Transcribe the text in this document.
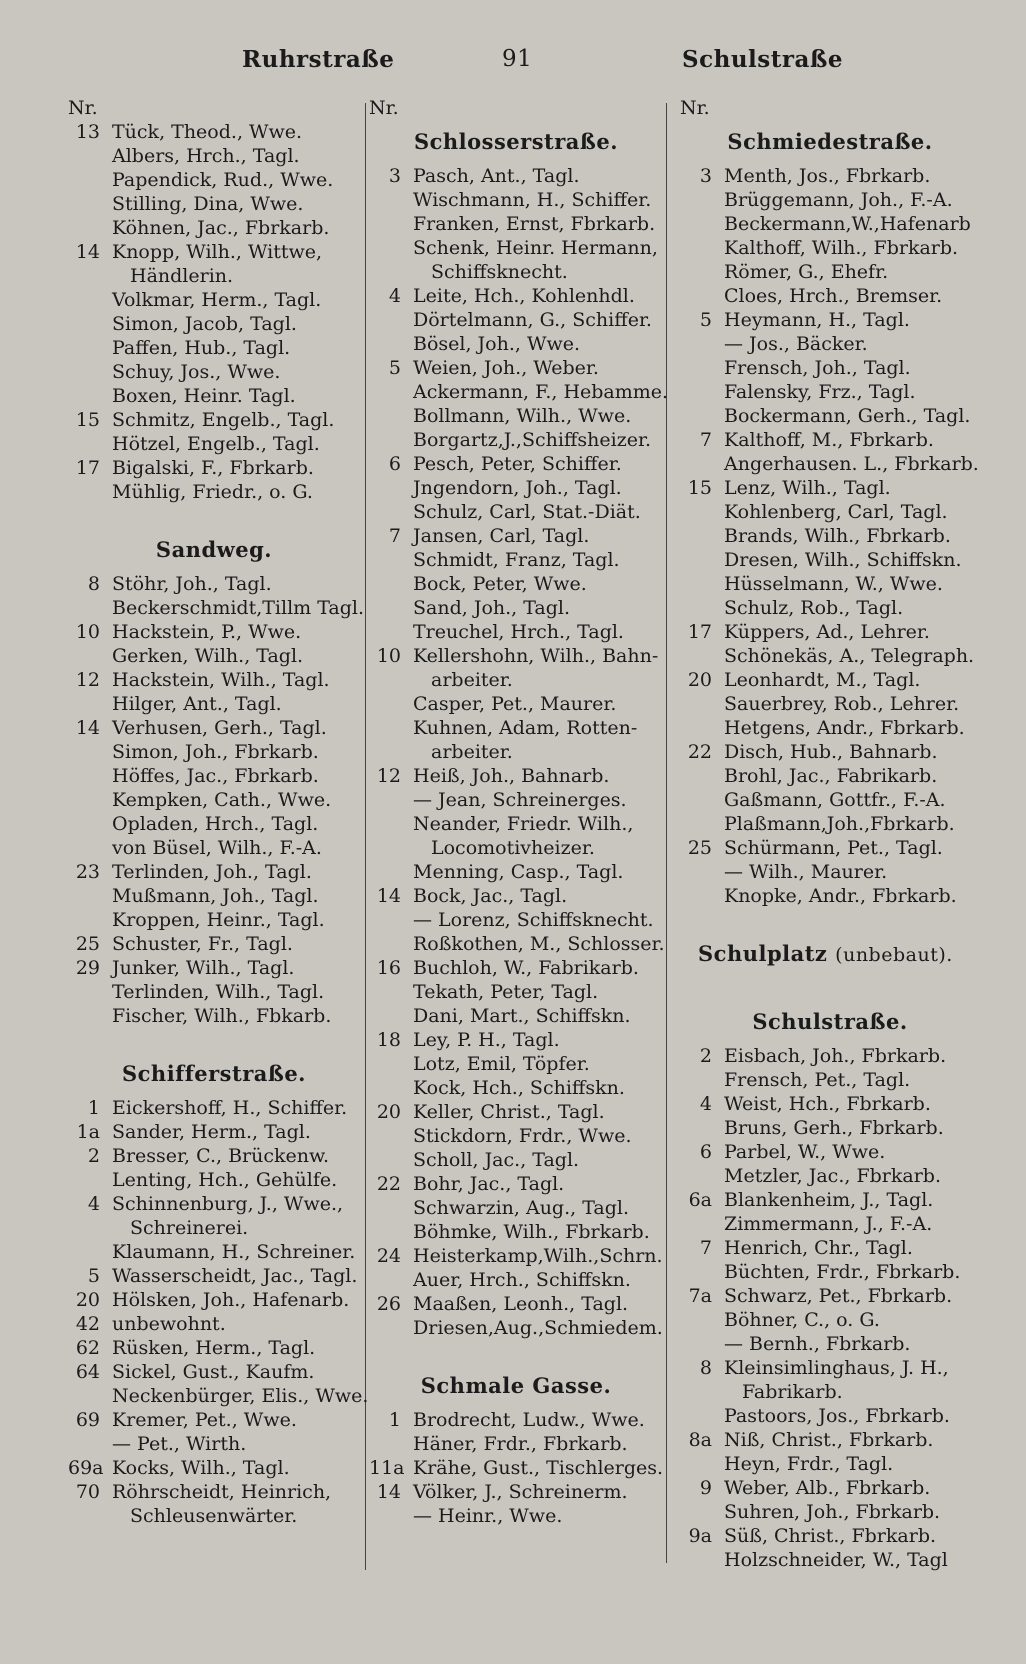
Ruhrstraße	91	Schulstraße
Nr.
13 Tück, Theod., Wwe.
Albers, Hrch., Tagl.
Papendick, Rud., Wwe.
Stilling, Dina, Wwe.
Köhnen, Jac., Fbrkarb.
14 Knopp, Wilh., Wittwe,
Händlerin.
Volkmar, Herm., Tagl.
Simon, Jacob, Tagl.
Paffen, Hub., Tagl.
Schuy, Jos., Wwe.
Boxen, Heinr. Tagl.
15 Schmitz, Engelb., Tagl.
Hötzel, Engelb., Tagl.
17 Bigalski, F., Fbrkarb.
Mühlig, Friedr., o. G.
Sandweg.
8 Stöhr, Joh., Tagl.
Beckerschmidt,Tillm Tagl.
10 Hackstein, P., Wwe.
Gerken, Wilh., Tagl.
12 Hackstein, Wilh., Tagl.
Hilger, Ant., Tagl.
14 Verhusen, Gerh., Tagl.
Simon, Joh., Fbrkarb.
Höffes, Jac., Fbrkarb.
Kempken, Cath., Wwe.
Opladen, Hrch., Tagl.
von Büsel, Wilh., F.-A.
23 Terlinden, Joh., Tagl.
Mußmann, Joh., Tagl.
Kroppen, Heinr., Tagl.
25 Schuster, Fr., Tagl.
29 Junker, Wilh., Tagl.
Terlinden, Wilh., Tagl.
Fischer, Wilh., Fbkarb.
Schifferstraße.
1 Eickershoff, H., Schiffer.
1a Sander, Herm., Tagl.
2 Bresser, C., Brückenw.
Lenting, Hch., Gehülfe.
4 Schinnenburg, J., Wwe.,
Schreinerei.
Klaumann, H., Schreiner.
5 Wasserscheidt, Jac., Tagl.
20 Hölsken, Joh., Hafenarb.
42 unbewohnt.
62 Rüsken, Herm., Tagl.
64 Sickel, Gust., Kaufm.
Neckenbürger, Elis., Wwe.
69 Kremer, Pet., Wwe.
— Pet., Wirth.
69a Kocks, Wilh., Tagl.
70 Röhrscheidt, Heinrich,
Schleusenwärter.
Nr.
Schlosserstraße.
3 Pasch, Ant., Tagl.
Wischmann, H., Schiffer.
Franken, Ernst, Fbrkarb.
Schenk, Heinr. Hermann,
Schiffsknecht.
4 Leite, Hch., Kohlenhdl.
Dörtelmann, G., Schiffer.
Bösel, Joh., Wwe.
5 Weien, Joh., Weber.
Ackermann, F., Hebamme.
Bollmann, Wilh., Wwe.
Borgartz,J.,Schiffsheizer.
6 Pesch, Peter, Schiffer.
Jngendorn, Joh., Tagl.
Schulz, Carl, Stat.-Diät.
7 Jansen, Carl, Tagl.
Schmidt, Franz, Tagl.
Bock, Peter, Wwe.
Sand, Joh., Tagl.
Treuchel, Hrch., Tagl.
10 Kellershohn, Wilh., Bahn-
arbeiter.
Casper, Pet., Maurer.
Kuhnen, Adam, Rotten-
arbeiter.
12 Heiß, Joh., Bahnarb.
— Jean, Schreinerges.
Neander, Friedr. Wilh.,
Locomotivheizer.
Menning, Casp., Tagl.
14 Bock, Jac., Tagl.
— Lorenz, Schiffsknecht.
Roßkothen, M., Schlosser.
16 Buchloh, W., Fabrikarb.
Tekath, Peter, Tagl.
Dani, Mart., Schiffskn.
18 Ley, P. H., Tagl.
Lotz, Emil, Töpfer.
Kock, Hch., Schiffskn.
20 Keller, Christ., Tagl.
Stickdorn, Frdr., Wwe.
Scholl, Jac., Tagl.
22 Bohr, Jac., Tagl.
Schwarzin, Aug., Tagl.
Böhmke, Wilh., Fbrkarb.
24 Heisterkamp,Wilh.,Schrn.
Auer, Hrch., Schiffskn.
26 Maaßen, Leonh., Tagl.
Driesen,Aug.,Schmiedem.
Schmale Gasse.
1 Brodrecht, Ludw., Wwe.
Häner, Frdr., Fbrkarb.
11a Krähe, Gust., Tischlerges.
14 Völker, J., Schreinerm.
— Heinr., Wwe.
Nr.
Schmiedestraße.
3 Menth, Jos., Fbrkarb.
Brüggemann, Joh., F.-A.
Beckermann,W.,Hafenarb
Kalthoff, Wilh., Fbrkarb.
Römer, G., Ehefr.
Cloes, Hrch., Bremser.
5 Heymann, H., Tagl.
— Jos., Bäcker.
Frensch, Joh., Tagl.
Falensky, Frz., Tagl.
Bockermann, Gerh., Tagl.
7 Kalthoff, M., Fbrkarb.
Angerhausen. L., Fbrkarb.
15 Lenz, Wilh., Tagl.
Kohlenberg, Carl, Tagl.
Brands, Wilh., Fbrkarb.
Dresen, Wilh., Schiffskn.
Hüsselmann, W., Wwe.
Schulz, Rob., Tagl.
17 Küppers, Ad., Lehrer.
Schönekäs, A., Telegraph.
20 Leonhardt, M., Tagl.
Sauerbrey, Rob., Lehrer.
Hetgens, Andr., Fbrkarb.
22 Disch, Hub., Bahnarb.
Brohl, Jac., Fabrikarb.
Gaßmann, Gottfr., F.-A.
Plaßmann,Joh.,Fbrkarb.
25 Schürmann, Pet., Tagl.
— Wilh., Maurer.
Knopke, Andr., Fbrkarb.
Schulplatz (unbebaut).
Schulstraße.
2 Eisbach, Joh., Fbrkarb.
Frensch, Pet., Tagl.
4 Weist, Hch., Fbrkarb.
Bruns, Gerh., Fbrkarb.
6 Parbel, W., Wwe.
Metzler, Jac., Fbrkarb.
6a Blankenheim, J., Tagl.
Zimmermann, J., F.-A.
7 Henrich, Chr., Tagl.
Büchten, Frdr., Fbrkarb.
7a Schwarz, Pet., Fbrkarb.
Böhner, C., o. G.
— Bernh., Fbrkarb.
8 Kleinsimlinghaus, J. H.,
Fabrikarb.
Pastoors, Jos., Fbrkarb.
8a Niß, Christ., Fbrkarb.
Heyn, Frdr., Tagl.
9 Weber, Alb., Fbrkarb.
Suhren, Joh., Fbrkarb.
9a Süß, Christ., Fbrkarb.
Holzschneider, W., Tagl
